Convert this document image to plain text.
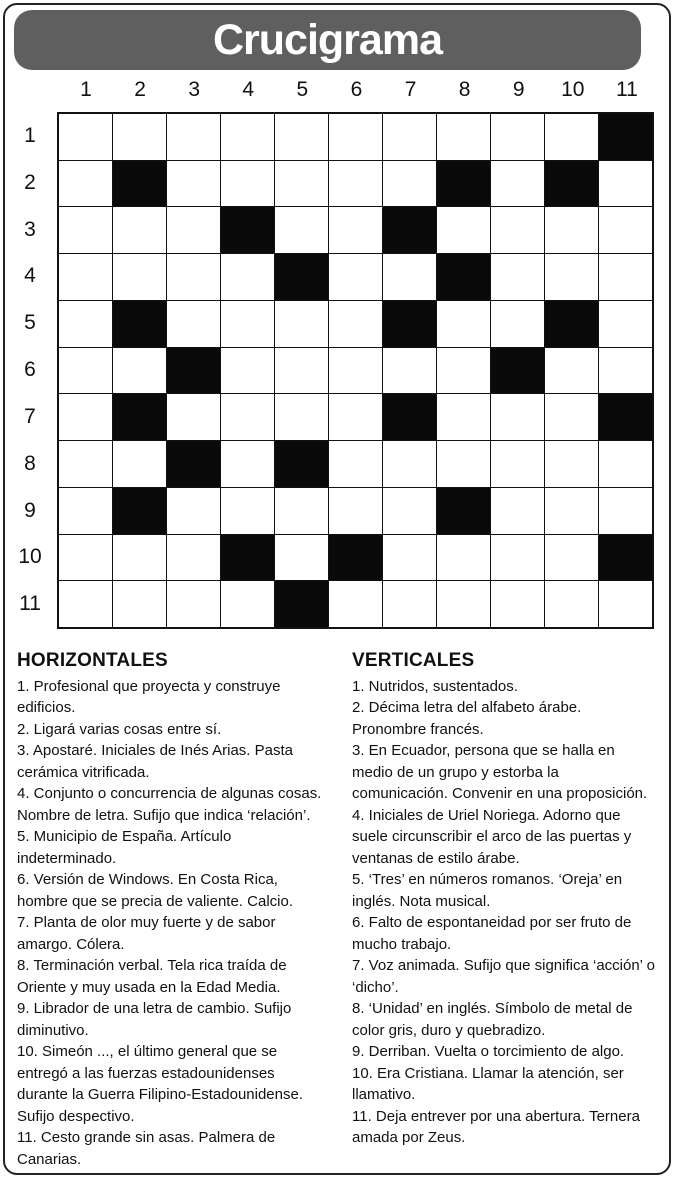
Crucigrama
1	2	3	4	5	6	7	8	9	10	11
1
2
3
4
5
6
7
8
9
10
11
HORIZONTALES

1. Profesional que proyecta y construye edificios.

2. Ligará varias cosas entre sí.

3. Apostaré. Iniciales de Inés Arias. Pasta cerámica vitrificada.

4. Conjunto o concurrencia de algunas cosas. Nombre de letra. Sufijo que indica ‘relación’.

5. Municipio de España. Artículo indeterminado.

6. Versión de Windows. En Costa Rica, hombre que se precia de valiente. Calcio.

7. Planta de olor muy fuerte y de sabor amargo. Cólera.

8. Terminación verbal. Tela rica traída de Oriente y muy usada en la Edad Media.

9. Librador de una letra de cambio. Sufijo diminutivo.

10. Simeón ..., el último general que se entregó a las fuerzas estadounidenses durante la Guerra Filipino-Estadounidense. Sufijo despectivo.

11. Cesto grande sin asas. Palmera de Canarias.

VERTICALES

1. Nutridos, sustentados.

2. Décima letra del alfabeto árabe. Pronombre francés.

3. En Ecuador, persona que se halla en medio de un grupo y estorba la comunicación. Convenir en una proposición.

4. Iniciales de Uriel Noriega. Adorno que suele circunscribir el arco de las puertas y ventanas de estilo árabe.

5. ‘Tres’ en números romanos. ‘Oreja’ en inglés. Nota musical.

6. Falto de espontaneidad por ser fruto de mucho trabajo.

7. Voz animada. Sufijo que significa ‘acción’ o ‘dicho’.

8. ‘Unidad’ en inglés. Símbolo de metal de color gris, duro y quebradizo.

9. Derriban. Vuelta o torcimiento de algo.

10. Era Cristiana. Llamar la atención, ser llamativo.

11. Deja entrever por una abertura. Ternera amada por Zeus.
